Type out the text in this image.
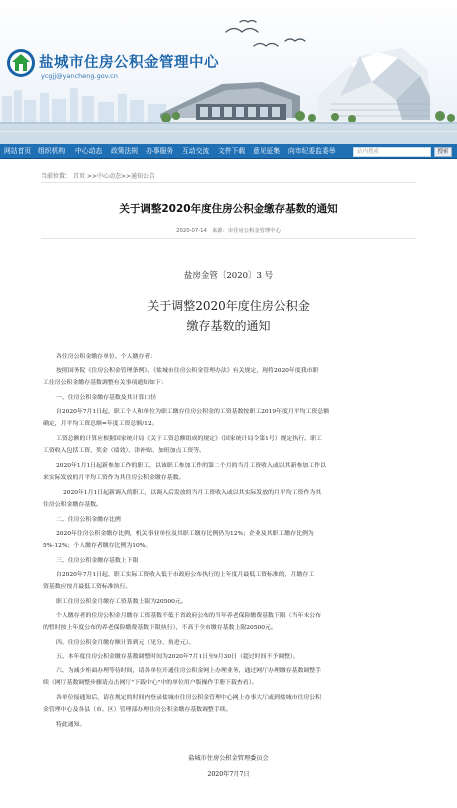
盐城市住房公积金管理中心
ycgjj@yancheng.gov.cn
网站首页 组织机构 中心动态 政策法规 办事服务 互动交流 文件下载 意见征集 向市纪委监委举	站内搜索	搜索
当前位置： 首页 >>中心动态>>通知公告
关于调整2020年度住房公积金缴存基数的通知
2020-07-14 来源：市住房公积金管理中心
盐房金管〔2020〕3 号
关于调整2020年度住房公积金
缴存基数的通知
各住房公积金缴存单位、个人缴存者：
按照国务院《住房公积金管理条例》、《盐城市住房公积金管理办法》有关规定，现将2020年度我市职
工住房公积金缴存基数调整有关事项通知如下：
一、住房公积金缴存基数及其计算口径
自2020年7月1日起，职工个人和单位为职工缴存住房公积金的工资基数按职工2019年度月平均工资总额
确定，月平均工资总额=年度工资总额/12。
工资总额的计算应根据国家统计局《关于工资总额组成的规定》（国家统计局令第1号）规定执行。职工
工资收入包括工资、奖金（绩效）、津补贴、加班加点工资等。
2020年1月1日起新参加工作的职工，以该职工参加工作的第二个月的当月工资收入或以其新参加工作以
来实际发放的月平均工资作为其住房公积金缴存基数。
2020年1月1日起新调入的职工，以调入后发放的当月工资收入或以其实际发放的月平均工资作为其
住房公积金缴存基数。
二、住房公积金缴存比例
2020年住房公积金缴存比例，机关事业单位及其职工缴存比例仍为12%；企业及其职工缴存比例为
5%-12%；个人缴存者缴存比例为10%。
三、住房公积金缴存基数上下限
自2020年7月1日起，职工实际工资收入低于市政府公布执行的上年度月最低工资标准的，月缴存工
资基数应按月最低工资标准执行。
职工住房公积金月缴存工资基数上限为20500元。
个人缴存者的住房公积金月缴存工资基数不低于省政府公布的当年养老保险缴费基数下限（当年未公布
的暂时按上年度公布的养老保险缴费基数下限执行），不高于全市缴存基数上限20500元。
四、住房公积金月缴存额计算到元（见分、角进元）。
五、本年度住房公积金缴存基数调整时间为2020年7月1日至9月30日（超过时间不予调整）。
六、为减少柜面办理等待时间，请各单位开通住房公积金网上办理业务，通过网厅办理缴存基数调整手
续（网厅基数调整步骤请点击网厅"下载中心"中的单位用户版操作手册下载查看）。
各单位接通知后，请在规定的时间内登录盐城市住房公积金管理中心网上办事大厅或到盐城市住房公积
金管理中心及各县（市、区）管理部办理住房公积金缴存基数调整手续。
特此通知。
盐城市住房公积金管理委员会
2020年7月7日
